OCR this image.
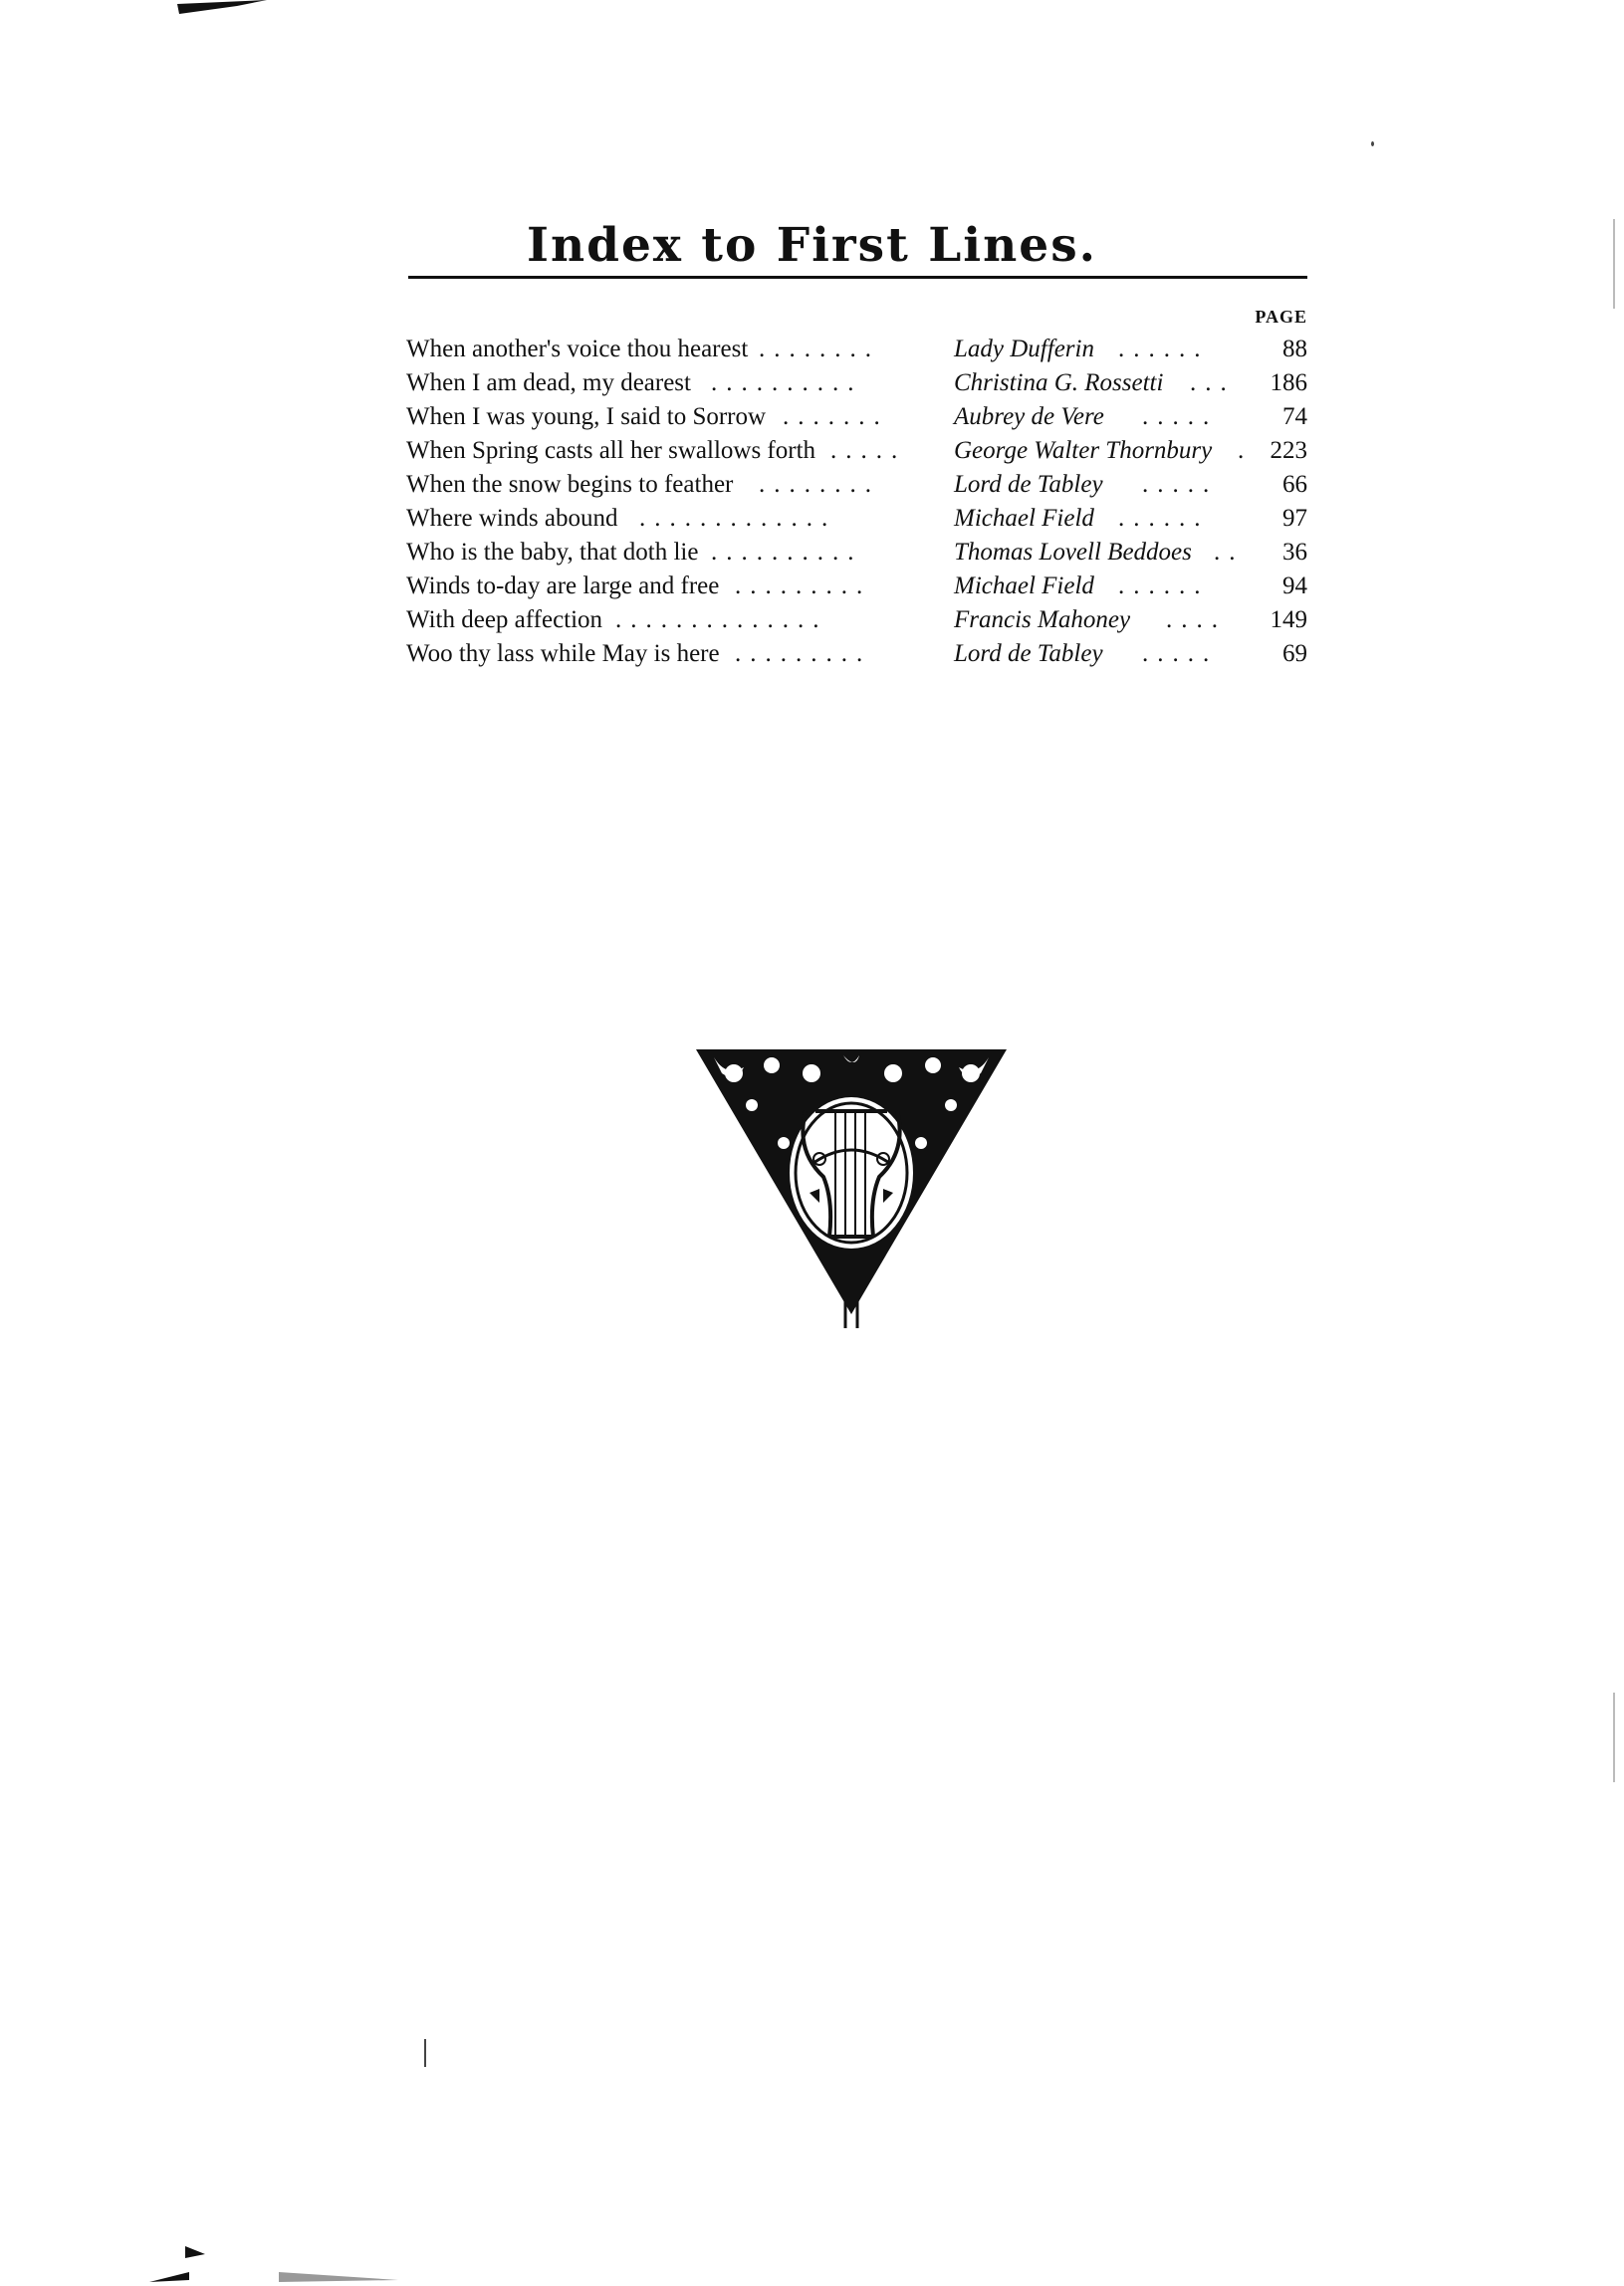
Index to First Lines.
PAGE
When another's voice thou hearest ........	Lady Dufferin ......	88
When I am dead, my dearest ..........	Christina G. Rossetti ...	186
When I was young, I said to Sorrow .......	Aubrey de Vere .....	74
When Spring casts all her swallows forth ..... George Walter Thornbury . 223
When the snow begins to feather ........	Lord de Tabley .....	66
Where winds abound .............	Michael Field ......	97
Who is the baby, that doth lie ..........	Thomas Lovell Beddoes ..	36
Winds to-day are large and free .........	Michael Field ......	94
With deep affection ..............	Francis Mahoney ....	149
Woo thy lass while May is here .........	Lord de Tabley .....	69
